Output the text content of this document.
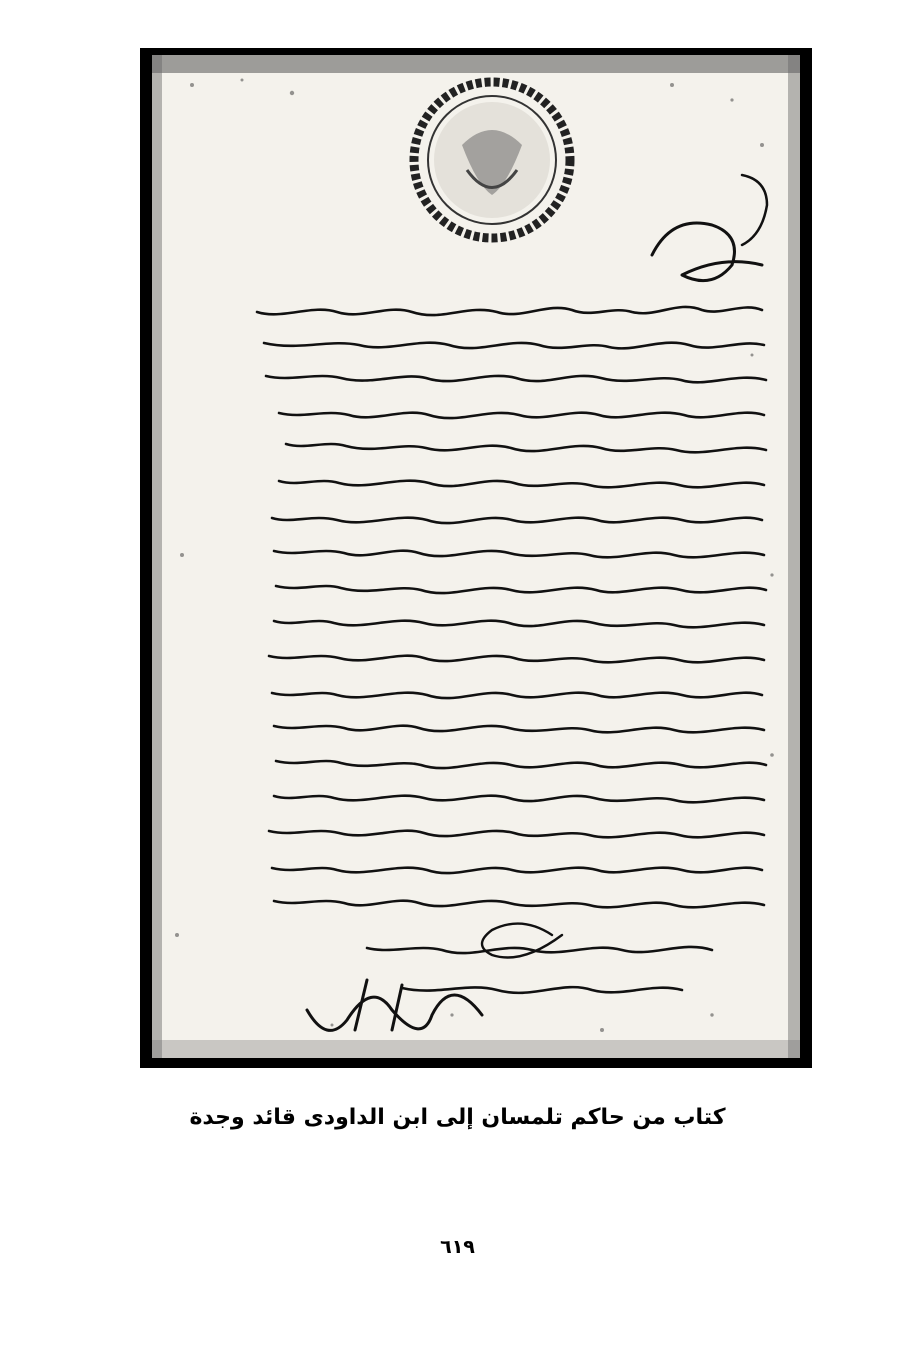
كتاب من حاكم تلمسان إلى ابن الداودى قائد وجدة
٦١٩
